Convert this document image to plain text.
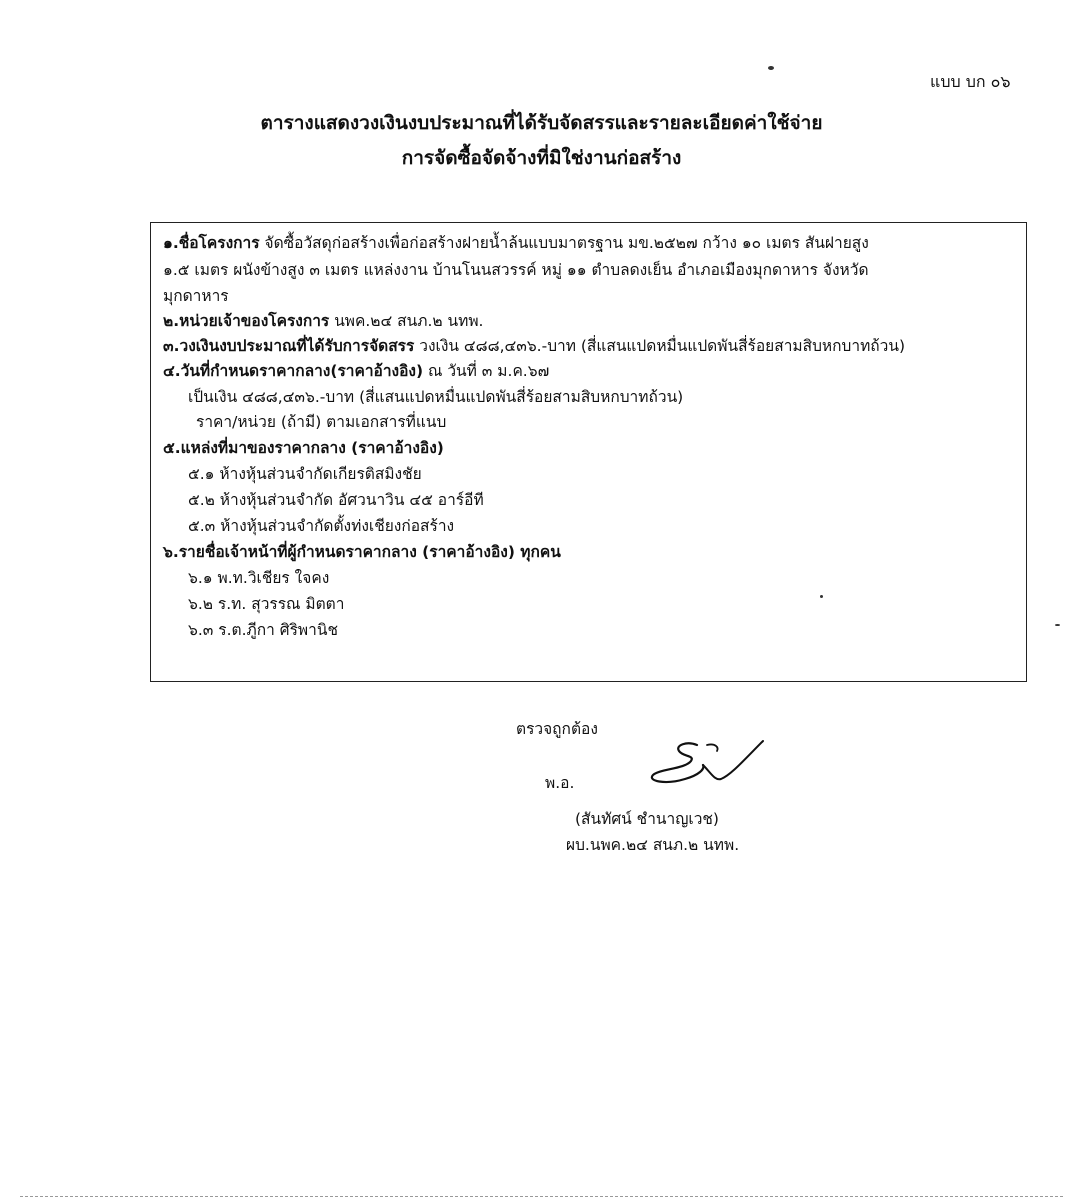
แบบ บก ๐๖
ตารางแสดงวงเงินงบประมาณที่ได้รับจัดสรรและรายละเอียดค่าใช้จ่าย
การจัดซื้อจัดจ้างที่มิใช่งานก่อสร้าง
๑.ชื่อโครงการ จัดซื้อวัสดุก่อสร้างเพื่อก่อสร้างฝายน้ำล้นแบบมาตรฐาน มข.๒๕๒๗ กว้าง ๑๐ เมตร สันฝายสูง
๑.๕ เมตร ผนังข้างสูง ๓ เมตร แหล่งงาน บ้านโนนสวรรค์ หมู่ ๑๑ ตำบลดงเย็น อำเภอเมืองมุกดาหาร จังหวัด
มุกดาหาร
๒.หน่วยเจ้าของโครงการ นพค.๒๔ สนภ.๒ นทพ.
๓.วงเงินงบประมาณที่ได้รับการจัดสรร วงเงิน ๔๘๘,๔๓๖.-บาท (สี่แสนแปดหมื่นแปดพันสี่ร้อยสามสิบหกบาทถ้วน)
๔.วันที่กำหนดราคากลาง(ราคาอ้างอิง) ณ วันที่ ๓ ม.ค.๖๗
เป็นเงิน ๔๘๘,๔๓๖.-บาท (สี่แสนแปดหมื่นแปดพันสี่ร้อยสามสิบหกบาทถ้วน)
ราคา/หน่วย (ถ้ามี) ตามเอกสารที่แนบ
๕.แหล่งที่มาของราคากลาง (ราคาอ้างอิง)
๕.๑ ห้างหุ้นส่วนจำกัดเกียรติสมิงชัย
๕.๒ ห้างหุ้นส่วนจำกัด อัศวนาวิน ๔๕ อาร์อีที
๕.๓ ห้างหุ้นส่วนจำกัดตั้งท่งเชียงก่อสร้าง
๖.รายชื่อเจ้าหน้าที่ผู้กำหนดราคากลาง (ราคาอ้างอิง) ทุกคน
๖.๑ พ.ท.วิเชียร ใจคง
๖.๒ ร.ท. สุวรรณ มิตตา
๖.๓ ร.ต.ภูีกา ศิริพานิช
ตรวจถูกต้อง
พ.อ.
(สันทัศน์ ชำนาญเวช)
ผบ.นพค.๒๔ สนภ.๒ นทพ.
